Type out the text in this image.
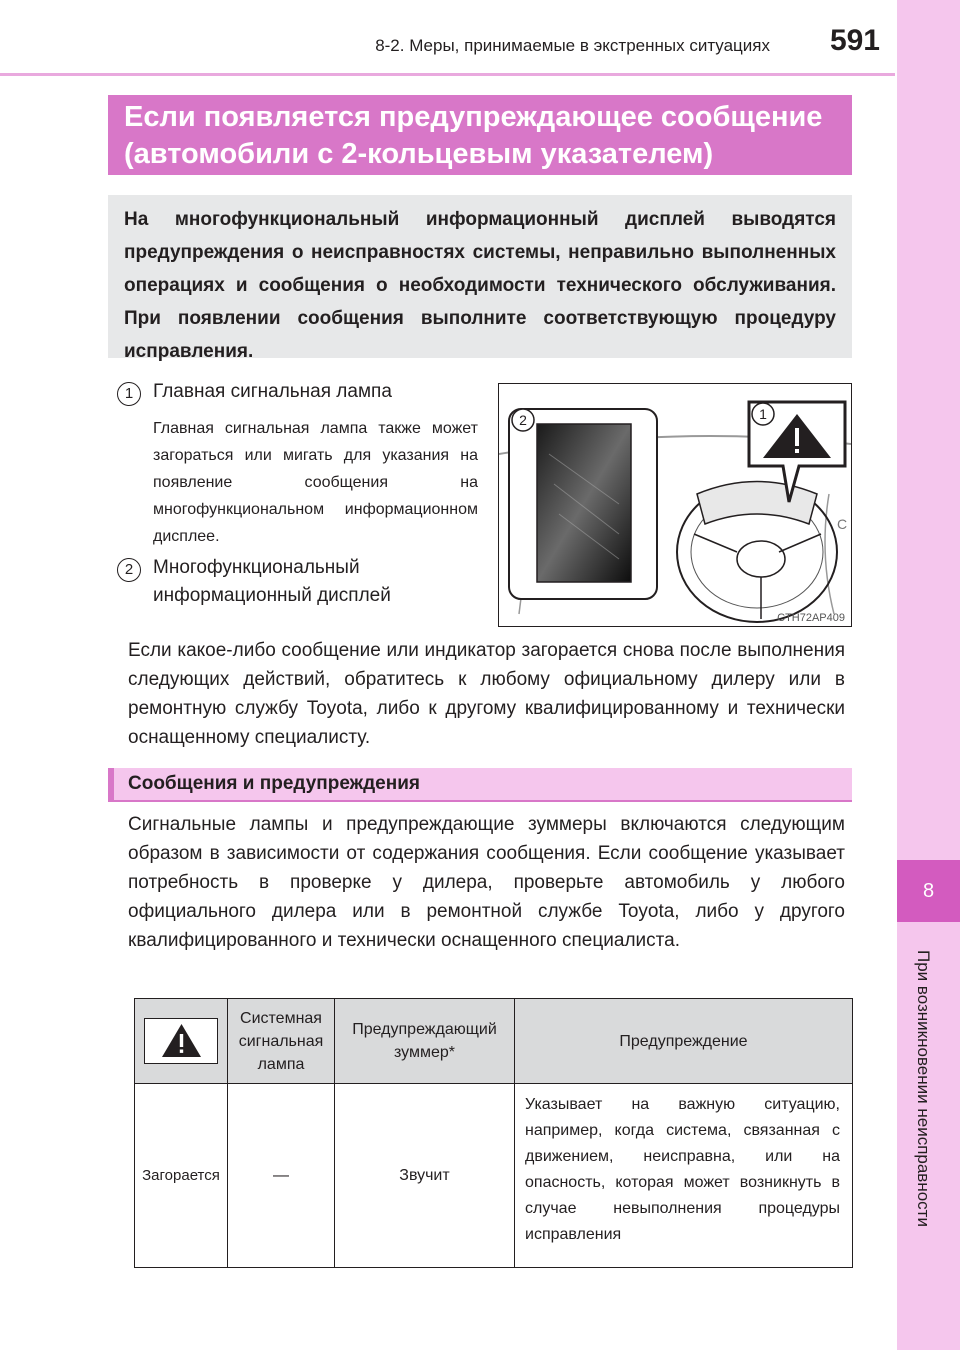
8-2. Меры, принимаемые в экстренных ситуациях	591
8
При возникновении неисправности
Если появляется предупреждающее сообщение
(автомобили с 2-кольцевым указателем)
На многофункциональный информационный дисплей выводятся предупреждения о неисправностях системы, неправильно выполненных операциях и сообщения о необходимости технического обслуживания. При появлении сообщения выполните соответствующую процедуру исправления.
1	Главная сигнальная лампа
Главная сигнальная лампа также может загораться или мигать для указания на появление сообщения на многофункциональном информационном дисплее.
2	Многофункциональный информационный дисплей
1
2
C
CTH72AP409
Если какое-либо сообщение или индикатор загорается снова после выполнения следующих действий, обратитесь к любому официальному дилеру или в ремонтную службу Toyota, либо к другому квалифицированному и технически оснащенному специалисту.
Сообщения и предупреждения
Сигнальные лампы и предупреждающие зуммеры включаются следующим образом в зависимости от содержания сообщения. Если сообщение указывает потребность в проверке у дилера, проверьте автомобиль у любого официального дилера или в ремонтной службе Toyota, либо у другого квалифицированного и технически оснащенного специалиста.
	Системная сигнальная лампа	Предупреждающий зуммер*	Предупреждение
Загорается	—	Звучит	Указывает на важную ситуацию, например, когда система, связанная с движением, неисправна, или на опасность, которая может возникнуть в случае невыполнения процедуры исправления
